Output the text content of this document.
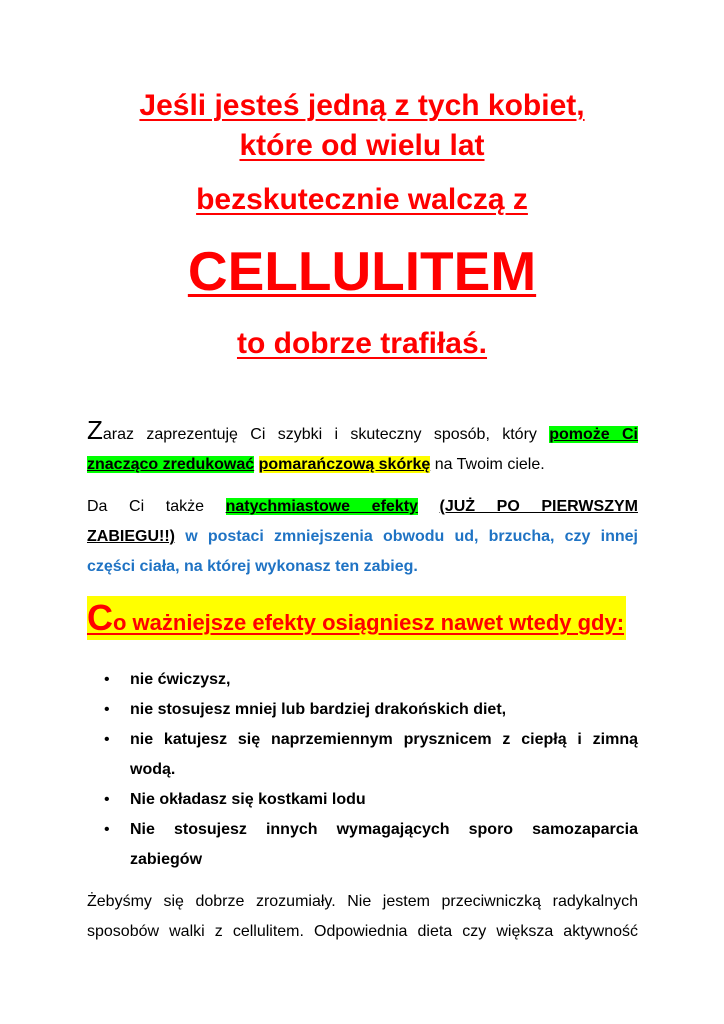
Jeśli jesteś jedną z tych kobiet,
które od wielu lat
bezskutecznie walczą z
CELLULITEM
to dobrze trafiłaś.
Zaraz zaprezentuję Ci szybki i skuteczny sposób, który pomoże Ci
znacząco zredukować pomarańczową skórkę na Twoim ciele.
Da Ci także natychmiastowe efekty (JUŻ PO PIERWSZYM
ZABIEGU!!) w postaci zmniejszenia obwodu ud, brzucha, czy innej
części ciała, na której wykonasz ten zabieg.
Co ważniejsze efekty osiągniesz nawet wtedy gdy:
• nie ćwiczysz,
• nie stosujesz mniej lub bardziej drakońskich diet,
• nie katujesz się naprzemiennym prysznicem z ciepłą i zimną
wodą.
• Nie okładasz się kostkami lodu
• Nie stosujesz innych wymagających sporo samozaparcia
zabiegów
Żebyśmy się dobrze zrozumiały. Nie jestem przeciwniczką radykalnych
sposobów walki z cellulitem. Odpowiednia dieta czy większa aktywność
